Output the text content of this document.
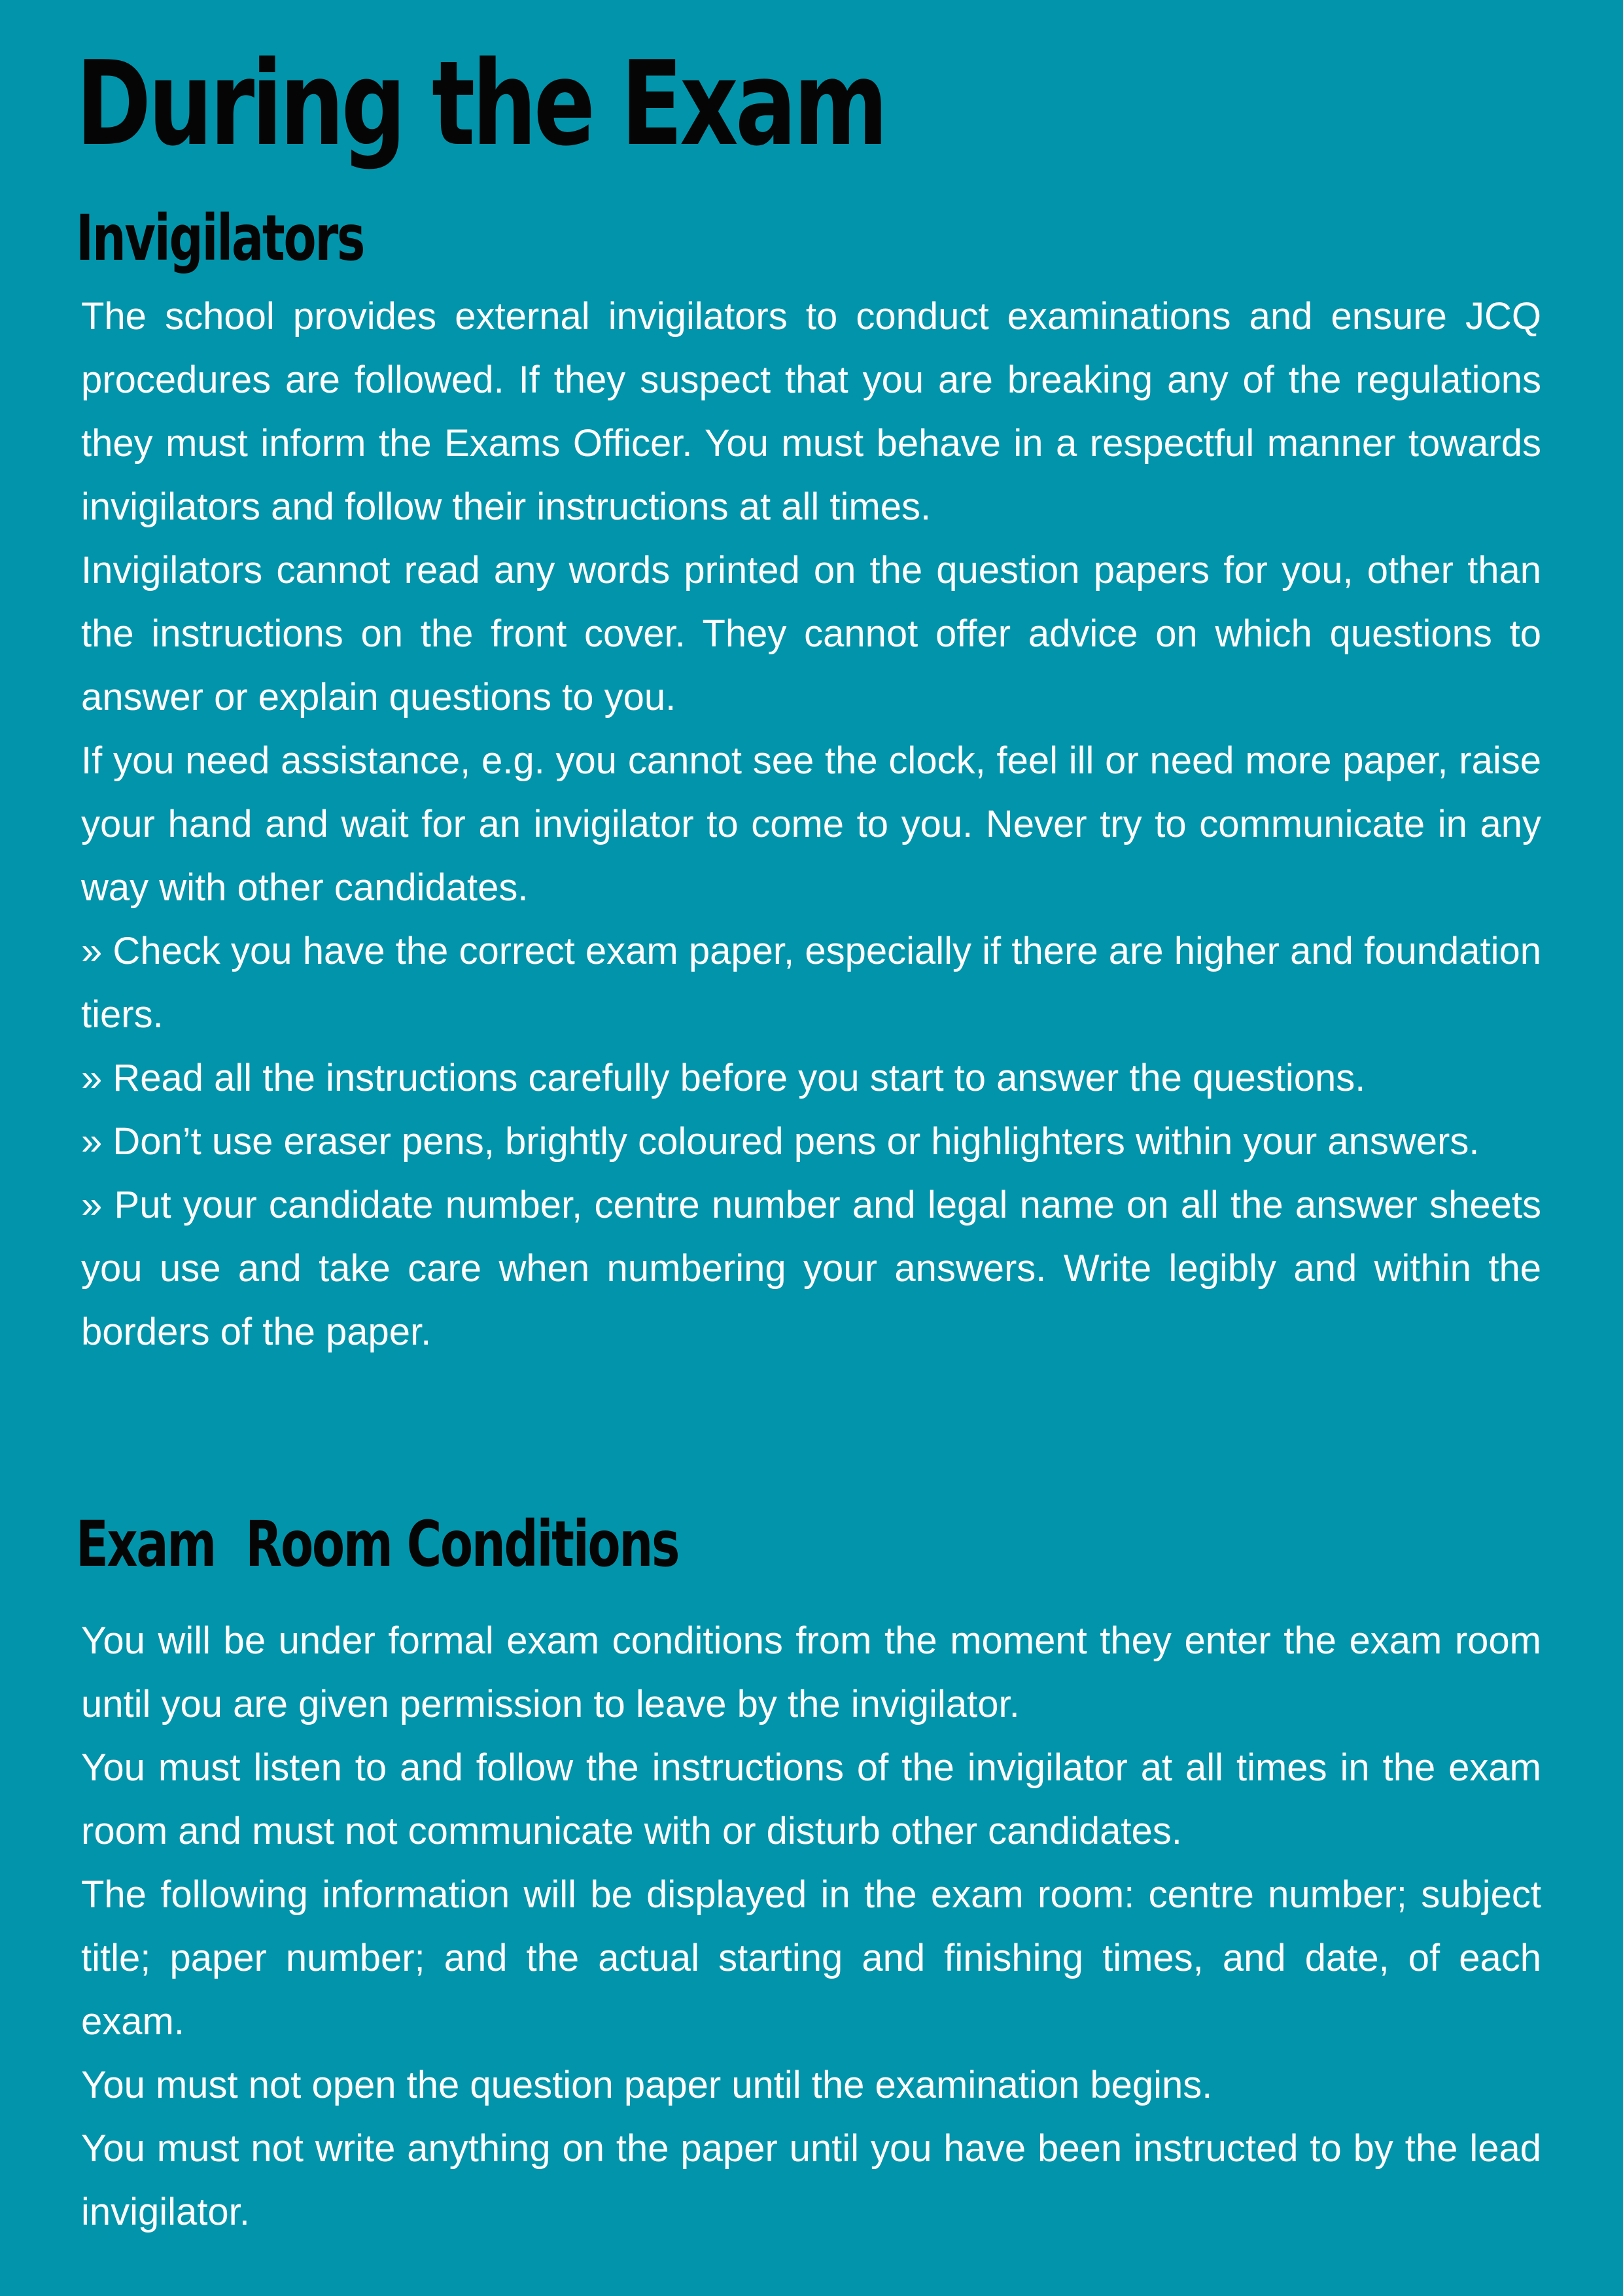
During the Exam
Invigilators

The school provides external invigilators to conduct examinations and ensure JCQ procedures are followed. If they suspect that you are breaking any of the regulations they must inform the Exams Officer. You must behave in a respectful manner towards invigilators and follow their instructions at all times.

Invigilators cannot read any words printed on the question papers for you, other than the instructions on the front cover. They cannot offer advice on which questions to answer or explain questions to you.

If you need assistance, e.g. you cannot see the clock, feel ill or need more paper, raise your hand and wait for an invigilator to come to you. Never try to communicate in any way with other candidates.

» Check you have the correct exam paper, especially if there are higher and foundation tiers.

» Read all the instructions carefully before you start to answer the questions.

» Don’t use eraser pens, brightly coloured pens or highlighters within your answers.

» Put your candidate number, centre number and legal name on all the answer sheets you use and take care when numbering your answers. Write legibly and within the borders of the paper.

Exam  Room Conditions

You will be under formal exam conditions from the moment they enter the exam room until you are given permission to leave by the invigilator.

You must listen to and follow the instructions of the invigilator at all times in the exam room and must not communicate with or disturb other candidates.

The following information will be displayed in the exam room: centre number; subject title; paper number; and the actual starting and finishing times, and date, of each exam.

You must not open the question paper until the examination begins.

You must not write anything on the paper until you have been instructed to by the lead invigilator.
